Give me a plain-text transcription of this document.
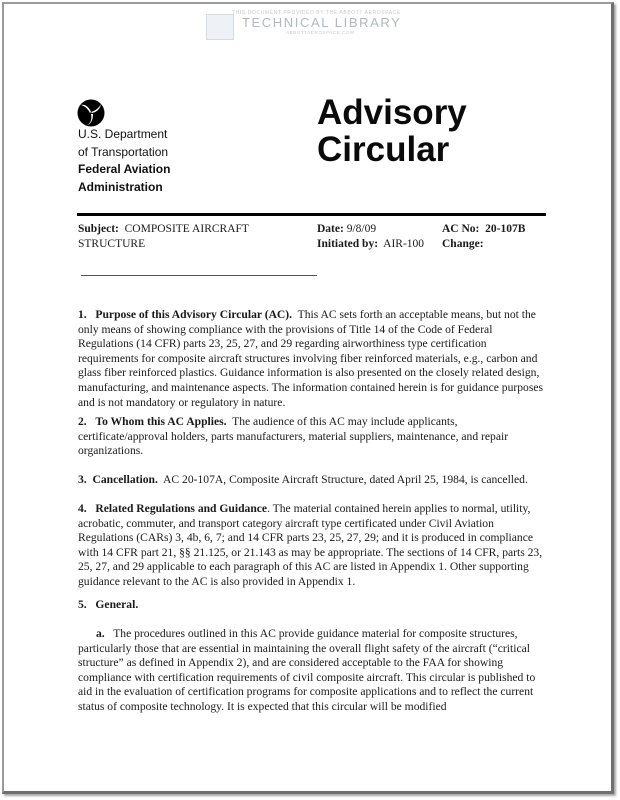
THIS DOCUMENT PROVIDED BY THE ABBOTT AEROSPACE
TECHNICAL LIBRARY
ABBOTTAEROSPACE.COM
U.S. Department
of Transportation
Federal Aviation
Administration
Advisory
Circular
Subject: COMPOSITE AIRCRAFT
STRUCTURE
Date: 9/8/09
Initiated by: AIR-100
AC No: 20-107B
Change:
1. Purpose of this Advisory Circular (AC). This AC sets forth an acceptable means, but not the only means of showing compliance with the provisions of Title 14 of the Code of Federal Regulations (14 CFR) parts 23, 25, 27, and 29 regarding airworthiness type certification requirements for composite aircraft structures involving fiber reinforced materials, e.g., carbon and glass fiber reinforced plastics. Guidance information is also presented on the closely related design, manufacturing, and maintenance aspects. The information contained herein is for guidance purposes and is not mandatory or regulatory in nature.
2. To Whom this AC Applies. The audience of this AC may include applicants, certificate/approval holders, parts manufacturers, material suppliers, maintenance, and repair organizations.
3. Cancellation. AC 20-107A, Composite Aircraft Structure, dated April 25, 1984, is cancelled.
4. Related Regulations and Guidance. The material contained herein applies to normal, utility, acrobatic, commuter, and transport category aircraft type certificated under Civil Aviation Regulations (CARs) 3, 4b, 6, 7; and 14 CFR parts 23, 25, 27, 29; and it is produced in compliance with 14 CFR part 21, §§ 21.125, or 21.143 as may be appropriate. The sections of 14 CFR, parts 23, 25, 27, and 29 applicable to each paragraph of this AC are listed in Appendix 1. Other supporting guidance relevant to the AC is also provided in Appendix 1.
5. General.
a. The procedures outlined in this AC provide guidance material for composite structures, particularly those that are essential in maintaining the overall flight safety of the aircraft (“critical structure” as defined in Appendix 2), and are considered acceptable to the FAA for showing compliance with certification requirements of civil composite aircraft. This circular is published to aid in the evaluation of certification programs for composite applications and to reflect the current status of composite technology. It is expected that this circular will be modified
